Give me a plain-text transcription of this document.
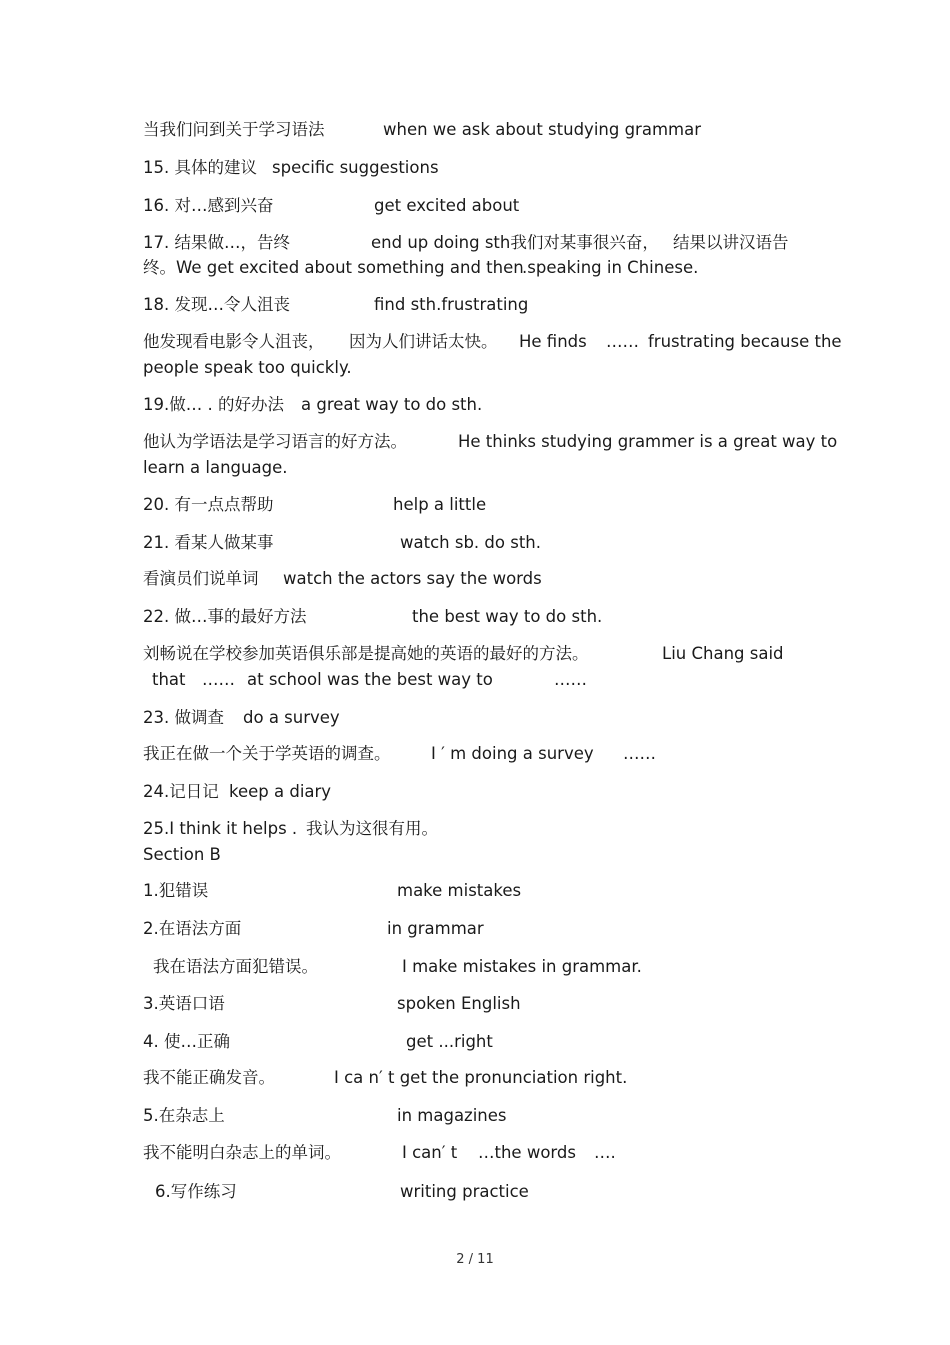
当我们问到关于学习语法	when we ask about studying grammar
15. 具体的建议 specific suggestions
16. 对…感到兴奋	get excited about
17. 结果做…，告终	end up doing sth我们对某事很兴奋， 结果以讲汉语告
终。We get excited about something and then
.speaking in Chinese.
18. 发现…令人沮丧	find sth.frustrating
他发现看电影令人沮丧， 因为人们讲话太快。 He finds …… frustrating because the
people speak too quickly.
19.做… . 的好办法 a great way to do sth.
他认为学语法是学习语言的好方法。	He thinks studying grammer is a great way to
learn a language.
20. 有一点点帮助	help a little
21. 看某人做某事	watch sb. do sth.
看演员们说单词 watch the actors say the words
22. 做…事的最好方法	the best way to do sth.
刘畅说在学校参加英语俱乐部是提高她的英语的最好的方法。	Liu Chang said
that …… at school was the best way to	……
23. 做调查 do a survey
我正在做一个关于学英语的调查。 I ′ m doing a survey ……
24.记日记 keep a diary
25.I think it helps . 我认为这很有用。
Section B
1.犯错误	make mistakes
2.在语法方面	in grammar
我在语法方面犯错误。	I make mistakes in grammar.
3.英语口语	spoken English
4. 使…正确	get ...right
我不能正确发音。	I ca n′ t get the pronunciation right.
5.在杂志上	in magazines
我不能明白杂志上的单词。	I can′ t …the words ….
6.写作练习	writing practice
2 / 11
